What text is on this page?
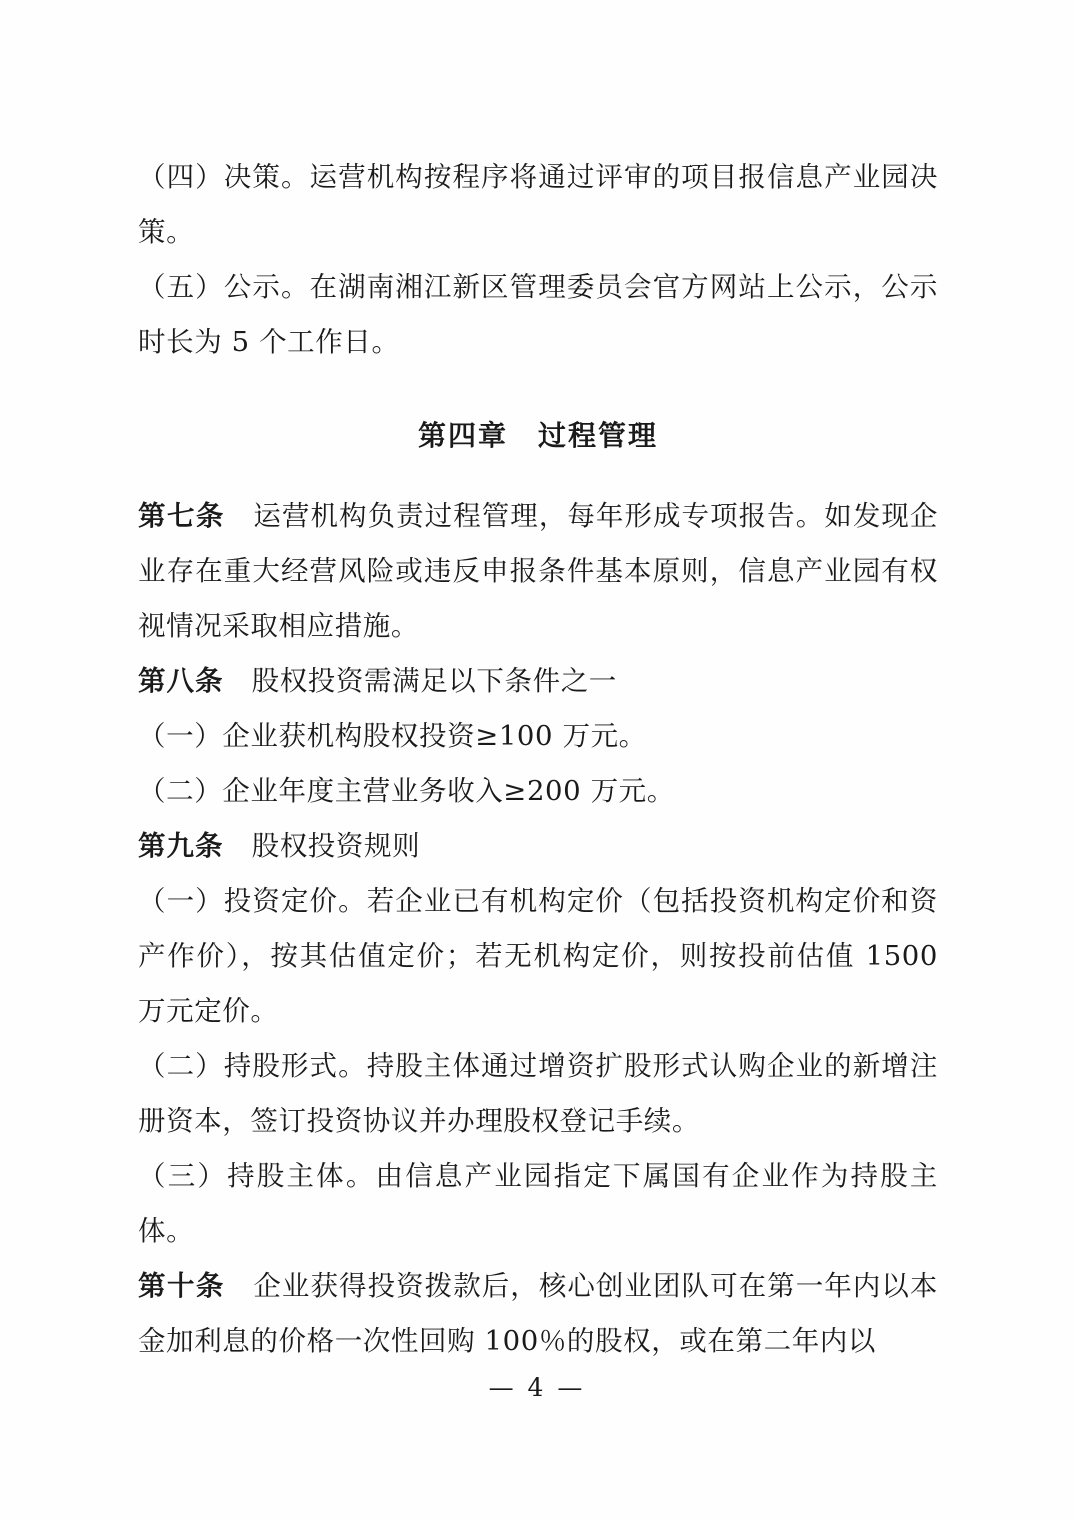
（四）决策。运营机构按程序将通过评审的项目报信息产业园决策。

（五）公示。在湖南湘江新区管理委员会官方网站上公示，公示时长为 5 个工作日。

第四章　过程管理

第七条　运营机构负责过程管理，每年形成专项报告。如发现企业存在重大经营风险或违反申报条件基本原则，信息产业园有权视情况采取相应措施。

第八条　股权投资需满足以下条件之一

（一）企业获机构股权投资≥100 万元。

（二）企业年度主营业务收入≥200 万元。

第九条　股权投资规则

（一）投资定价。若企业已有机构定价（包括投资机构定价和资产作价），按其估值定价；若无机构定价，则按投前估值 1500 万元定价。

（二）持股形式。持股主体通过增资扩股形式认购企业的新增注册资本，签订投资协议并办理股权登记手续。

（三）持股主体。由信息产业园指定下属国有企业作为持股主体。

第十条　企业获得投资拨款后，核心创业团队可在第一年内以本金加利息的价格一次性回购 100％的股权，或在第二年内以

— 4 —
